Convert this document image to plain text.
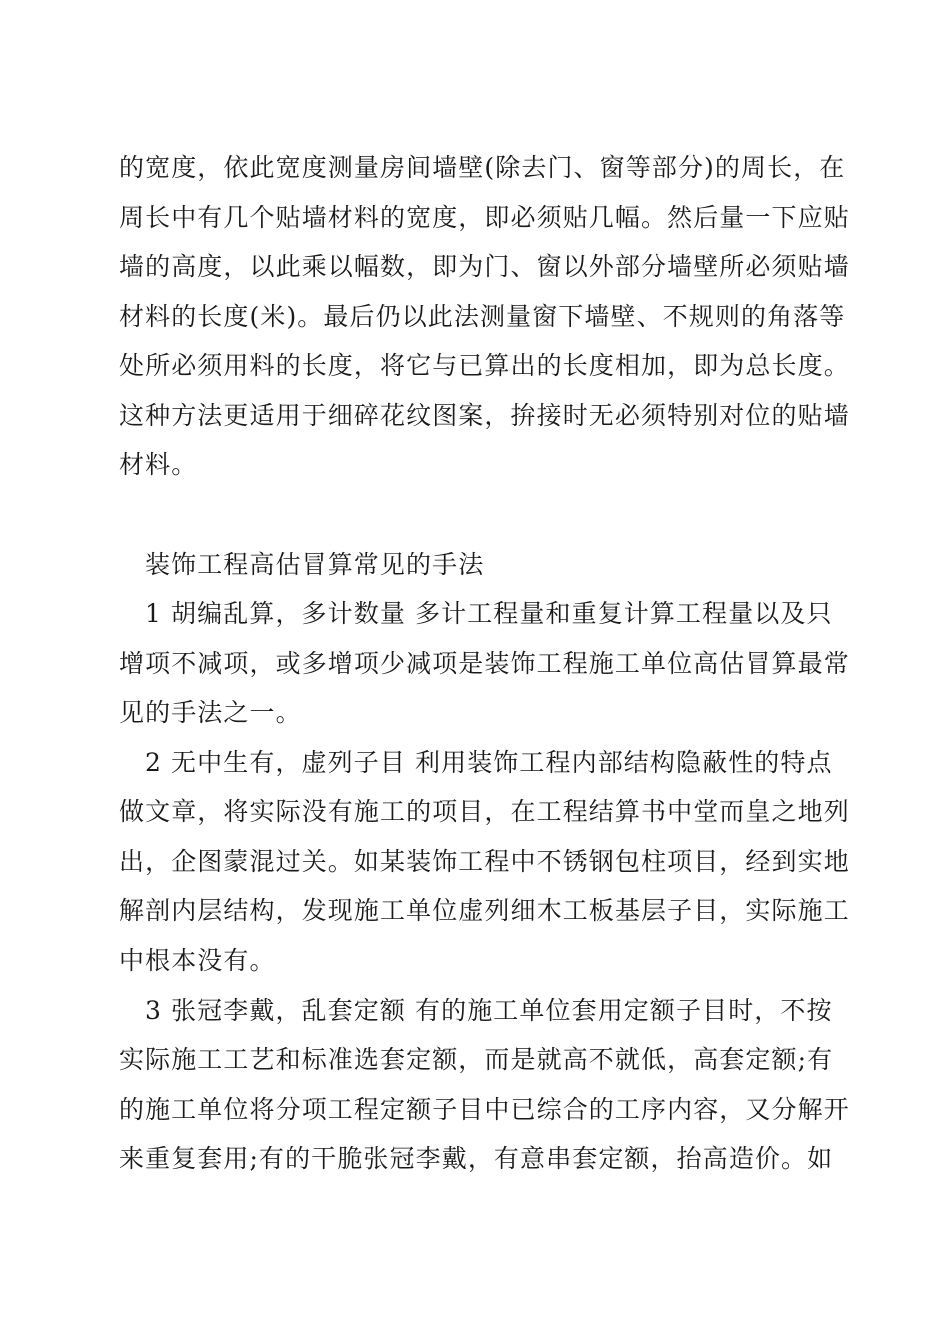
的宽度，依此宽度测量房间墙壁(除去门、窗等部分)的周长，在
周长中有几个贴墙材料的宽度，即必须贴几幅。然后量一下应贴
墙的高度，以此乘以幅数，即为门、窗以外部分墙壁所必须贴墙
材料的长度(米)。最后仍以此法测量窗下墙壁、不规则的角落等
处所必须用料的长度，将它与已算出的长度相加，即为总长度。
这种方法更适用于细碎花纹图案，拚接时无必须特别对位的贴墙
材料。
装饰工程高估冒算常见的手法
1 胡编乱算，多计数量 多计工程量和重复计算工程量以及只
增项不减项，或多增项少减项是装饰工程施工单位高估冒算最常
见的手法之一。
2 无中生有，虚列子目 利用装饰工程内部结构隐蔽性的特点
做文章，将实际没有施工的项目，在工程结算书中堂而皇之地列
出，企图蒙混过关。如某装饰工程中不锈钢包柱项目，经到实地
解剖内层结构，发现施工单位虚列细木工板基层子目，实际施工
中根本没有。
3 张冠李戴，乱套定额 有的施工单位套用定额子目时，不按
实际施工工艺和标准选套定额，而是就高不就低，高套定额;有
的施工单位将分项工程定额子目中已综合的工序内容，又分解开
来重复套用;有的干脆张冠李戴，有意串套定额，抬高造价。如
